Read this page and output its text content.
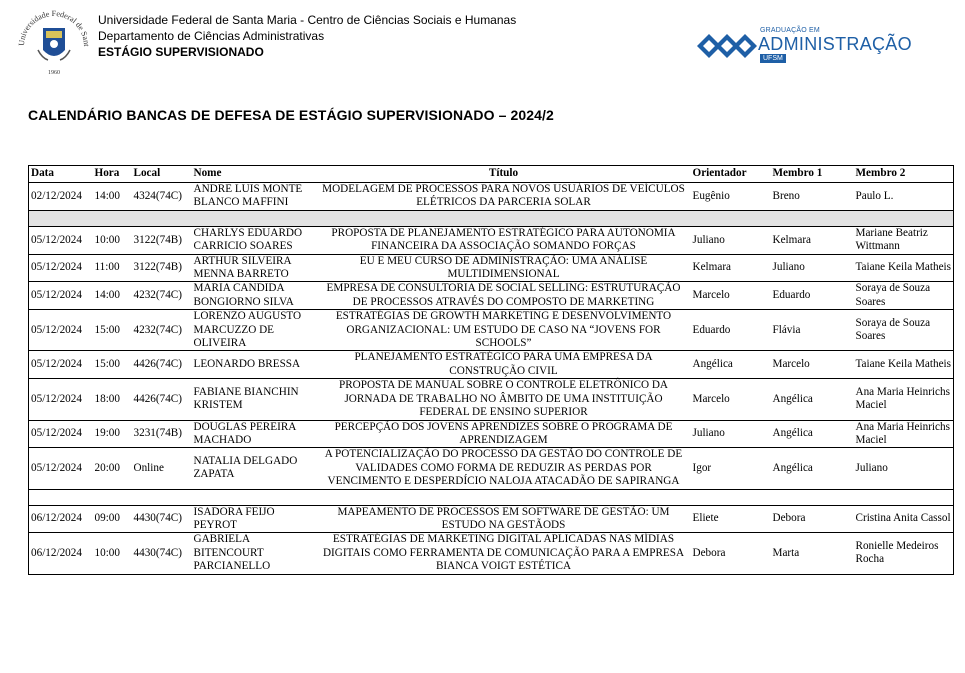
Universidade Federal de Sant
1960
Universidade Federal de Santa Maria - Centro de Ciências Sociais e Humanas
Departamento de Ciências Administrativas
ESTÁGIO SUPERVISIONADO
GRADUAÇÃO EM
ADMINISTRAÇÃO
UFSM
CALENDÁRIO BANCAS DE DEFESA DE ESTÁGIO SUPERVISIONADO – 2024/2
Data	Hora	Local	Nome	Título	Orientador	Membro 1	Membro 2
02/12/2024	14:00	4324(74C)	ANDRE LUIS MONTE BLANCO MAFFINI	MODELAGEM DE PROCESSOS PARA NOVOS USUÁRIOS DE VEÍCULOS ELÉTRICOS DA PARCERIA SOLAR	Eugênio	Breno	Paulo L.

05/12/2024	10:00	3122(74B)	CHARLYS EDUARDO CARRICIO SOARES	PROPOSTA DE PLANEJAMENTO ESTRATÉGICO PARA AUTONOMIA FINANCEIRA DA ASSOCIAÇÃO SOMANDO FORÇAS	Juliano	Kelmara	Mariane Beatriz Wittmann
05/12/2024	11:00	3122(74B)	ARTHUR SILVEIRA MENNA BARRETO	EU E MEU CURSO DE ADMINISTRAÇÃO: UMA ANÁLISE MULTIDIMENSIONAL	Kelmara	Juliano	Taiane Keila Matheis
05/12/2024	14:00	4232(74C)	MARIA CANDIDA BONGIORNO SILVA	EMPRESA DE CONSULTORIA DE SOCIAL SELLING: ESTRUTURAÇÃO DE PROCESSOS ATRAVÉS DO COMPOSTO DE MARKETING	Marcelo	Eduardo	Soraya de Souza Soares
05/12/2024	15:00	4232(74C)	LORENZO AUGUSTO MARCUZZO DE OLIVEIRA	ESTRATÉGIAS DE GROWTH MARKETING E DESENVOLVIMENTO ORGANIZACIONAL: UM ESTUDO DE CASO NA “JOVENS FOR SCHOOLS”	Eduardo	Flávia	Soraya de Souza Soares
05/12/2024	15:00	4426(74C)	LEONARDO BRESSA	PLANEJAMENTO ESTRATÉGICO PARA UMA EMPRESA DA CONSTRUÇÃO CIVIL	Angélica	Marcelo	Taiane Keila Matheis
05/12/2024	18:00	4426(74C)	FABIANE BIANCHIN KRISTEM	PROPOSTA DE MANUAL SOBRE O CONTROLE ELETRÔNICO DA JORNADA DE TRABALHO NO ÂMBITO DE UMA INSTITUIÇÃO FEDERAL DE ENSINO SUPERIOR	Marcelo	Angélica	Ana Maria Heinrichs Maciel
05/12/2024	19:00	3231(74B)	DOUGLAS PEREIRA MACHADO	PERCEPÇÃO DOS JOVENS APRENDIZES SOBRE O PROGRAMA DE APRENDIZAGEM	Juliano	Angélica	Ana Maria Heinrichs Maciel
05/12/2024	20:00	Online	NATALIA DELGADO ZAPATA	A POTENCIALIZAÇÃO DO PROCESSO DA GESTÃO DO CONTROLE DE VALIDADES COMO FORMA DE REDUZIR AS PERDAS POR VENCIMENTO E DESPERDÍCIO NALOJA ATACADÃO DE SAPIRANGA	Igor	Angélica	Juliano

06/12/2024	09:00	4430(74C)	ISADORA FEIJO PEYROT	MAPEAMENTO DE PROCESSOS EM SOFTWARE DE GESTÃO: UM ESTUDO NA GESTÃODS	Eliete	Debora	Cristina Anita Cassol
06/12/2024	10:00	4430(74C)	GABRIELA BITENCOURT PARCIANELLO	ESTRATÉGIAS DE MARKETING DIGITAL APLICADAS NAS MÍDIAS DIGITAIS COMO FERRAMENTA DE COMUNICAÇÃO PARA A EMPRESA BIANCA VOIGT ESTÉTICA	Debora	Marta	Ronielle Medeiros Rocha
